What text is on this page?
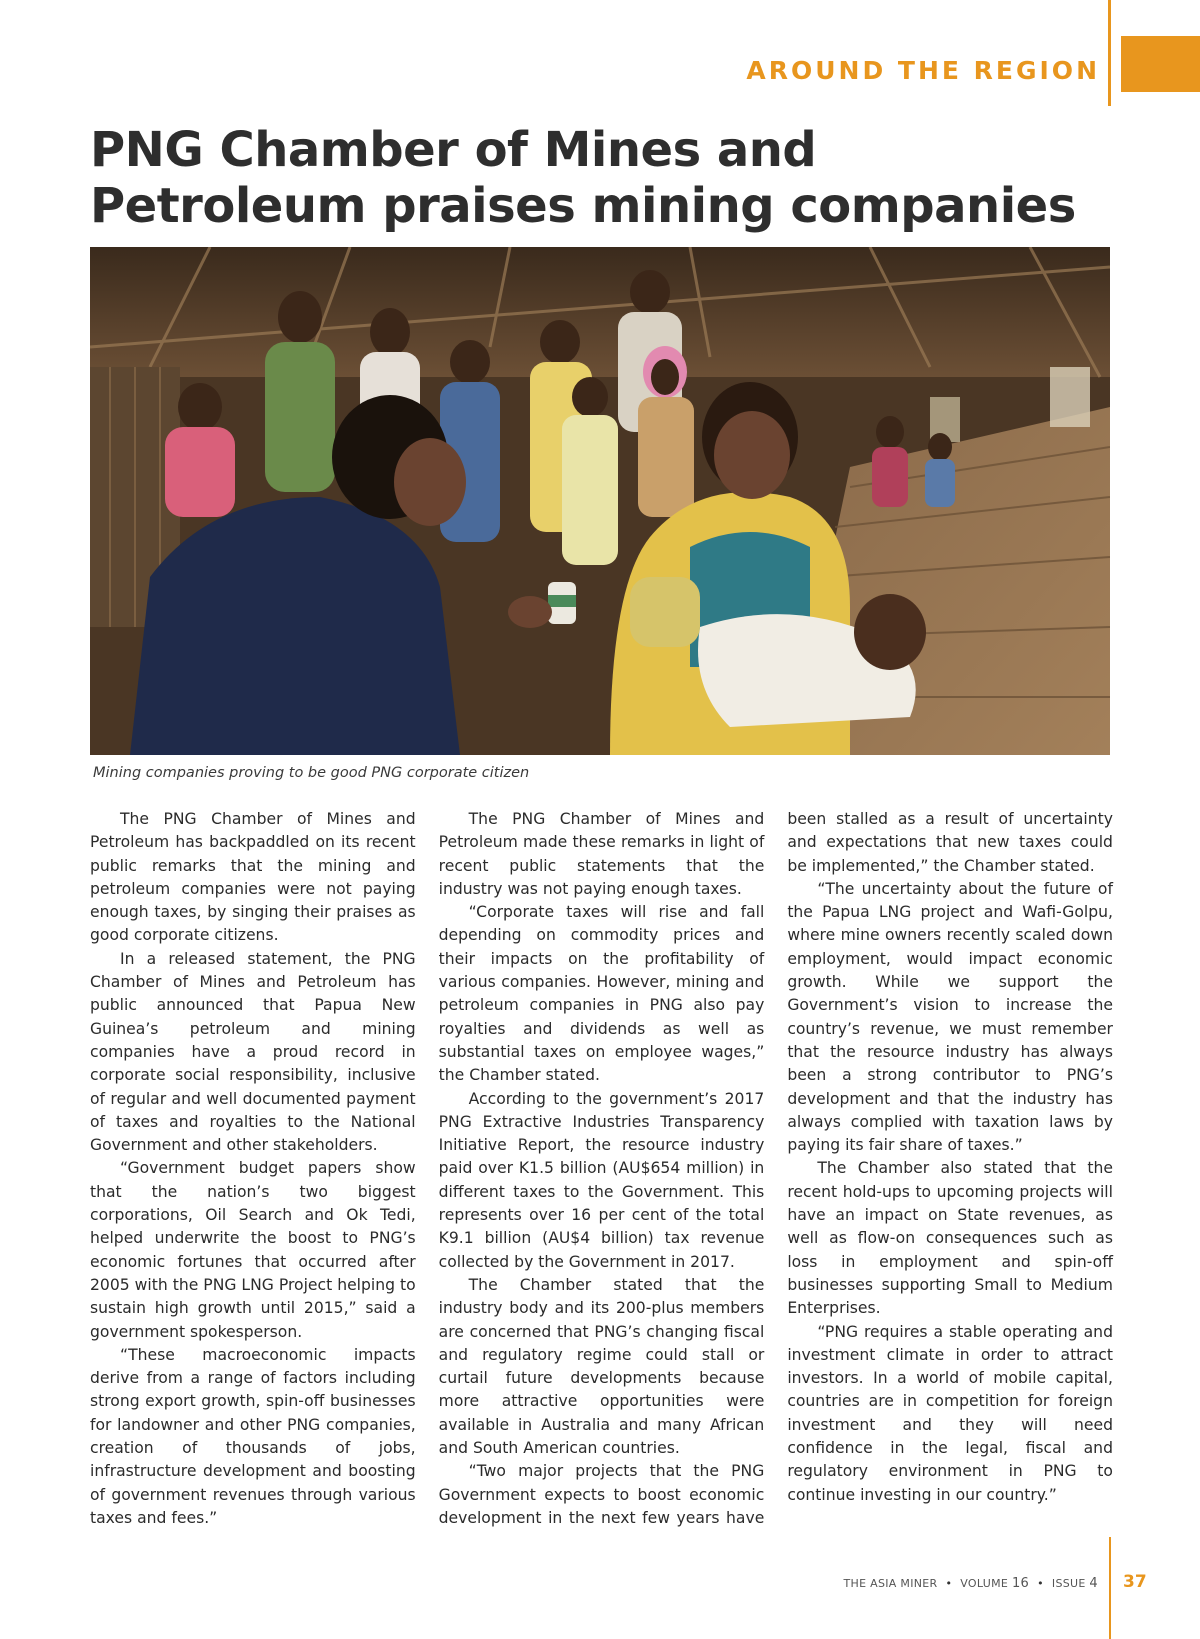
AROUND THE REGION
PNG Chamber of Mines and Petroleum praises mining companies

Mining companies proving to be good PNG corporate citizen

The PNG Chamber of Mines and Petroleum has backpaddled on its recent public remarks that the mining and petroleum companies were not paying enough taxes, by singing their praises as good corporate citizens.

In a released statement, the PNG Chamber of Mines and Petroleum has public announced that Papua New Guinea’s petroleum and mining companies have a proud record in corporate social responsibility, inclusive of regular and well documented payment of taxes and royalties to the National Government and other stakeholders.

“Government budget papers show that the nation’s two biggest corporations, Oil Search and Ok Tedi, helped underwrite the boost to PNG’s economic fortunes that occurred after 2005 with the PNG LNG Project helping to sustain high growth until 2015,” said a government spokesperson.

“These macroeconomic impacts derive from a range of factors including strong export growth, spin-off businesses for landowner and other PNG companies, creation of thousands of jobs, infrastructure development and boosting of government revenues through various taxes and fees.”

The PNG Chamber of Mines and Petroleum made these remarks in light of recent public statements that the industry was not paying enough taxes.

“Corporate taxes will rise and fall depending on commodity prices and their impacts on the profitability of various companies. However, mining and petroleum companies in PNG also pay royalties and dividends as well as substantial taxes on employee wages,” the Chamber stated.

According to the government’s 2017 PNG Extractive Industries Transparency Initiative Report, the resource industry paid over K1.5 billion (AU$654 million) in different taxes to the Government. This represents over 16 per cent of the total K9.1 billion (AU$4 billion) tax revenue collected by the Government in 2017.

The Chamber stated that the industry body and its 200-plus members are concerned that PNG’s changing fiscal and regulatory regime could stall or curtail future developments because more attractive opportunities were available in Australia and many African and South American countries.

“Two major projects that the PNG Government expects to boost economic development in the next few years have been stalled as a result of uncertainty and expectations that new taxes could be implemented,” the Chamber stated.

“The uncertainty about the future of the Papua LNG project and Wafi-Golpu, where mine owners recently scaled down employment, would impact economic growth. While we support the Government’s vision to increase the country’s revenue, we must remember that the resource industry has always been a strong contributor to PNG’s development and that the industry has always complied with taxation laws by paying its fair share of taxes.”

The Chamber also stated that the recent hold-ups to upcoming projects will have an impact on State revenues, as well as flow-on consequences such as loss in employment and spin-off businesses supporting Small to Medium Enterprises.

“PNG requires a stable operating and investment climate in order to attract investors. In a world of mobile capital, countries are in competition for foreign investment and they will need confidence in the legal, fiscal and regulatory environment in PNG to continue investing in our country.”

THE ASIA MINER • VOLUME 16 • ISSUE 4 37
